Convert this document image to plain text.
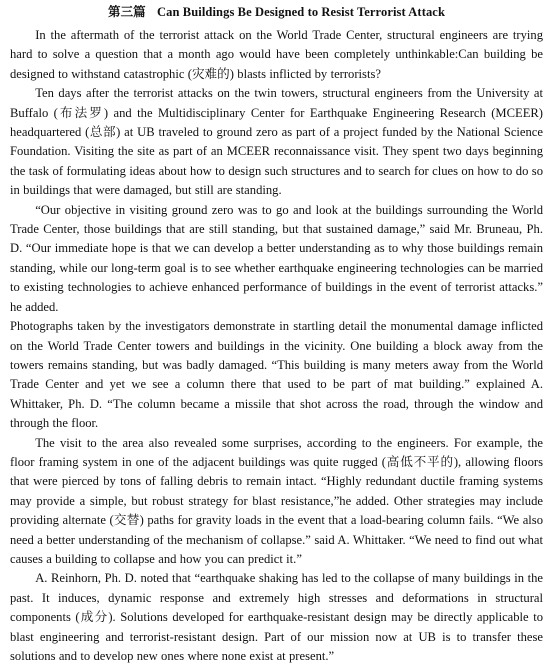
第三篇 Can Buildings Be Designed to Resist Terrorist Attack

In the aftermath of the terrorist attack on the World Trade Center, structural engineers are trying hard to solve a question that a month ago would have been completely unthinkable:Can building be designed to withstand catastrophic (灾难的) blasts inflicted by terrorists?

Ten days after the terrorist attacks on the twin towers, structural engineers from the University at Buffalo (布法罗) and the Multidisciplinary Center for Earthquake Engineering Research (MCEER) headquartered (总部) at UB traveled to ground zero as part of a project funded by the National Science Foundation. Visiting the site as part of an MCEER reconnaissance visit. They spent two days beginning the task of formulating ideas about how to design such structures and to search for clues on how to do so in buildings that were damaged, but still are standing.

“Our objective in visiting ground zero was to go and look at the buildings surrounding the World Trade Center, those buildings that are still standing, but that sustained damage,” said Mr. Bruneau, Ph. D. “Our immediate hope is that we can develop a better understanding as to why those buildings remain standing, while our long-term goal is to see whether earthquake engineering technologies can be married to existing technologies to achieve enhanced performance of buildings in the event of terrorist attacks.” he added.

Photographs taken by the investigators demonstrate in startling detail the monumental damage inflicted on the World Trade Center towers and buildings in the vicinity. One building a block away from the towers remains standing, but was badly damaged. “This building is many meters away from the World Trade Center and yet we see a column there that used to be part of mat building.” explained A. Whittaker, Ph. D. “The column became a missile that shot across the road, through the window and through the floor.

The visit to the area also revealed some surprises, according to the engineers. For example, the floor framing system in one of the adjacent buildings was quite rugged (高低不平的), allowing floors that were pierced by tons of falling debris to remain intact. “Highly redundant ductile framing systems may provide a simple, but robust strategy for blast resistance,”he added. Other strategies may include providing alternate (交替) paths for gravity loads in the event that a load-bearing column fails. “We also need a better understanding of the mechanism of collapse.” said A. Whittaker. “We need to find out what causes a building to collapse and how you can predict it.”

A. Reinhorn, Ph. D. noted that “earthquake shaking has led to the collapse of many buildings in the past. It induces, dynamic response and extremely high stresses and deformations in structural components (成分). Solutions developed for earthquake-resistant design may be directly applicable to blast engineering and terrorist-resistant design. Part of our mission now at UB is to transfer these solutions and to develop new ones where none exist at present.”
